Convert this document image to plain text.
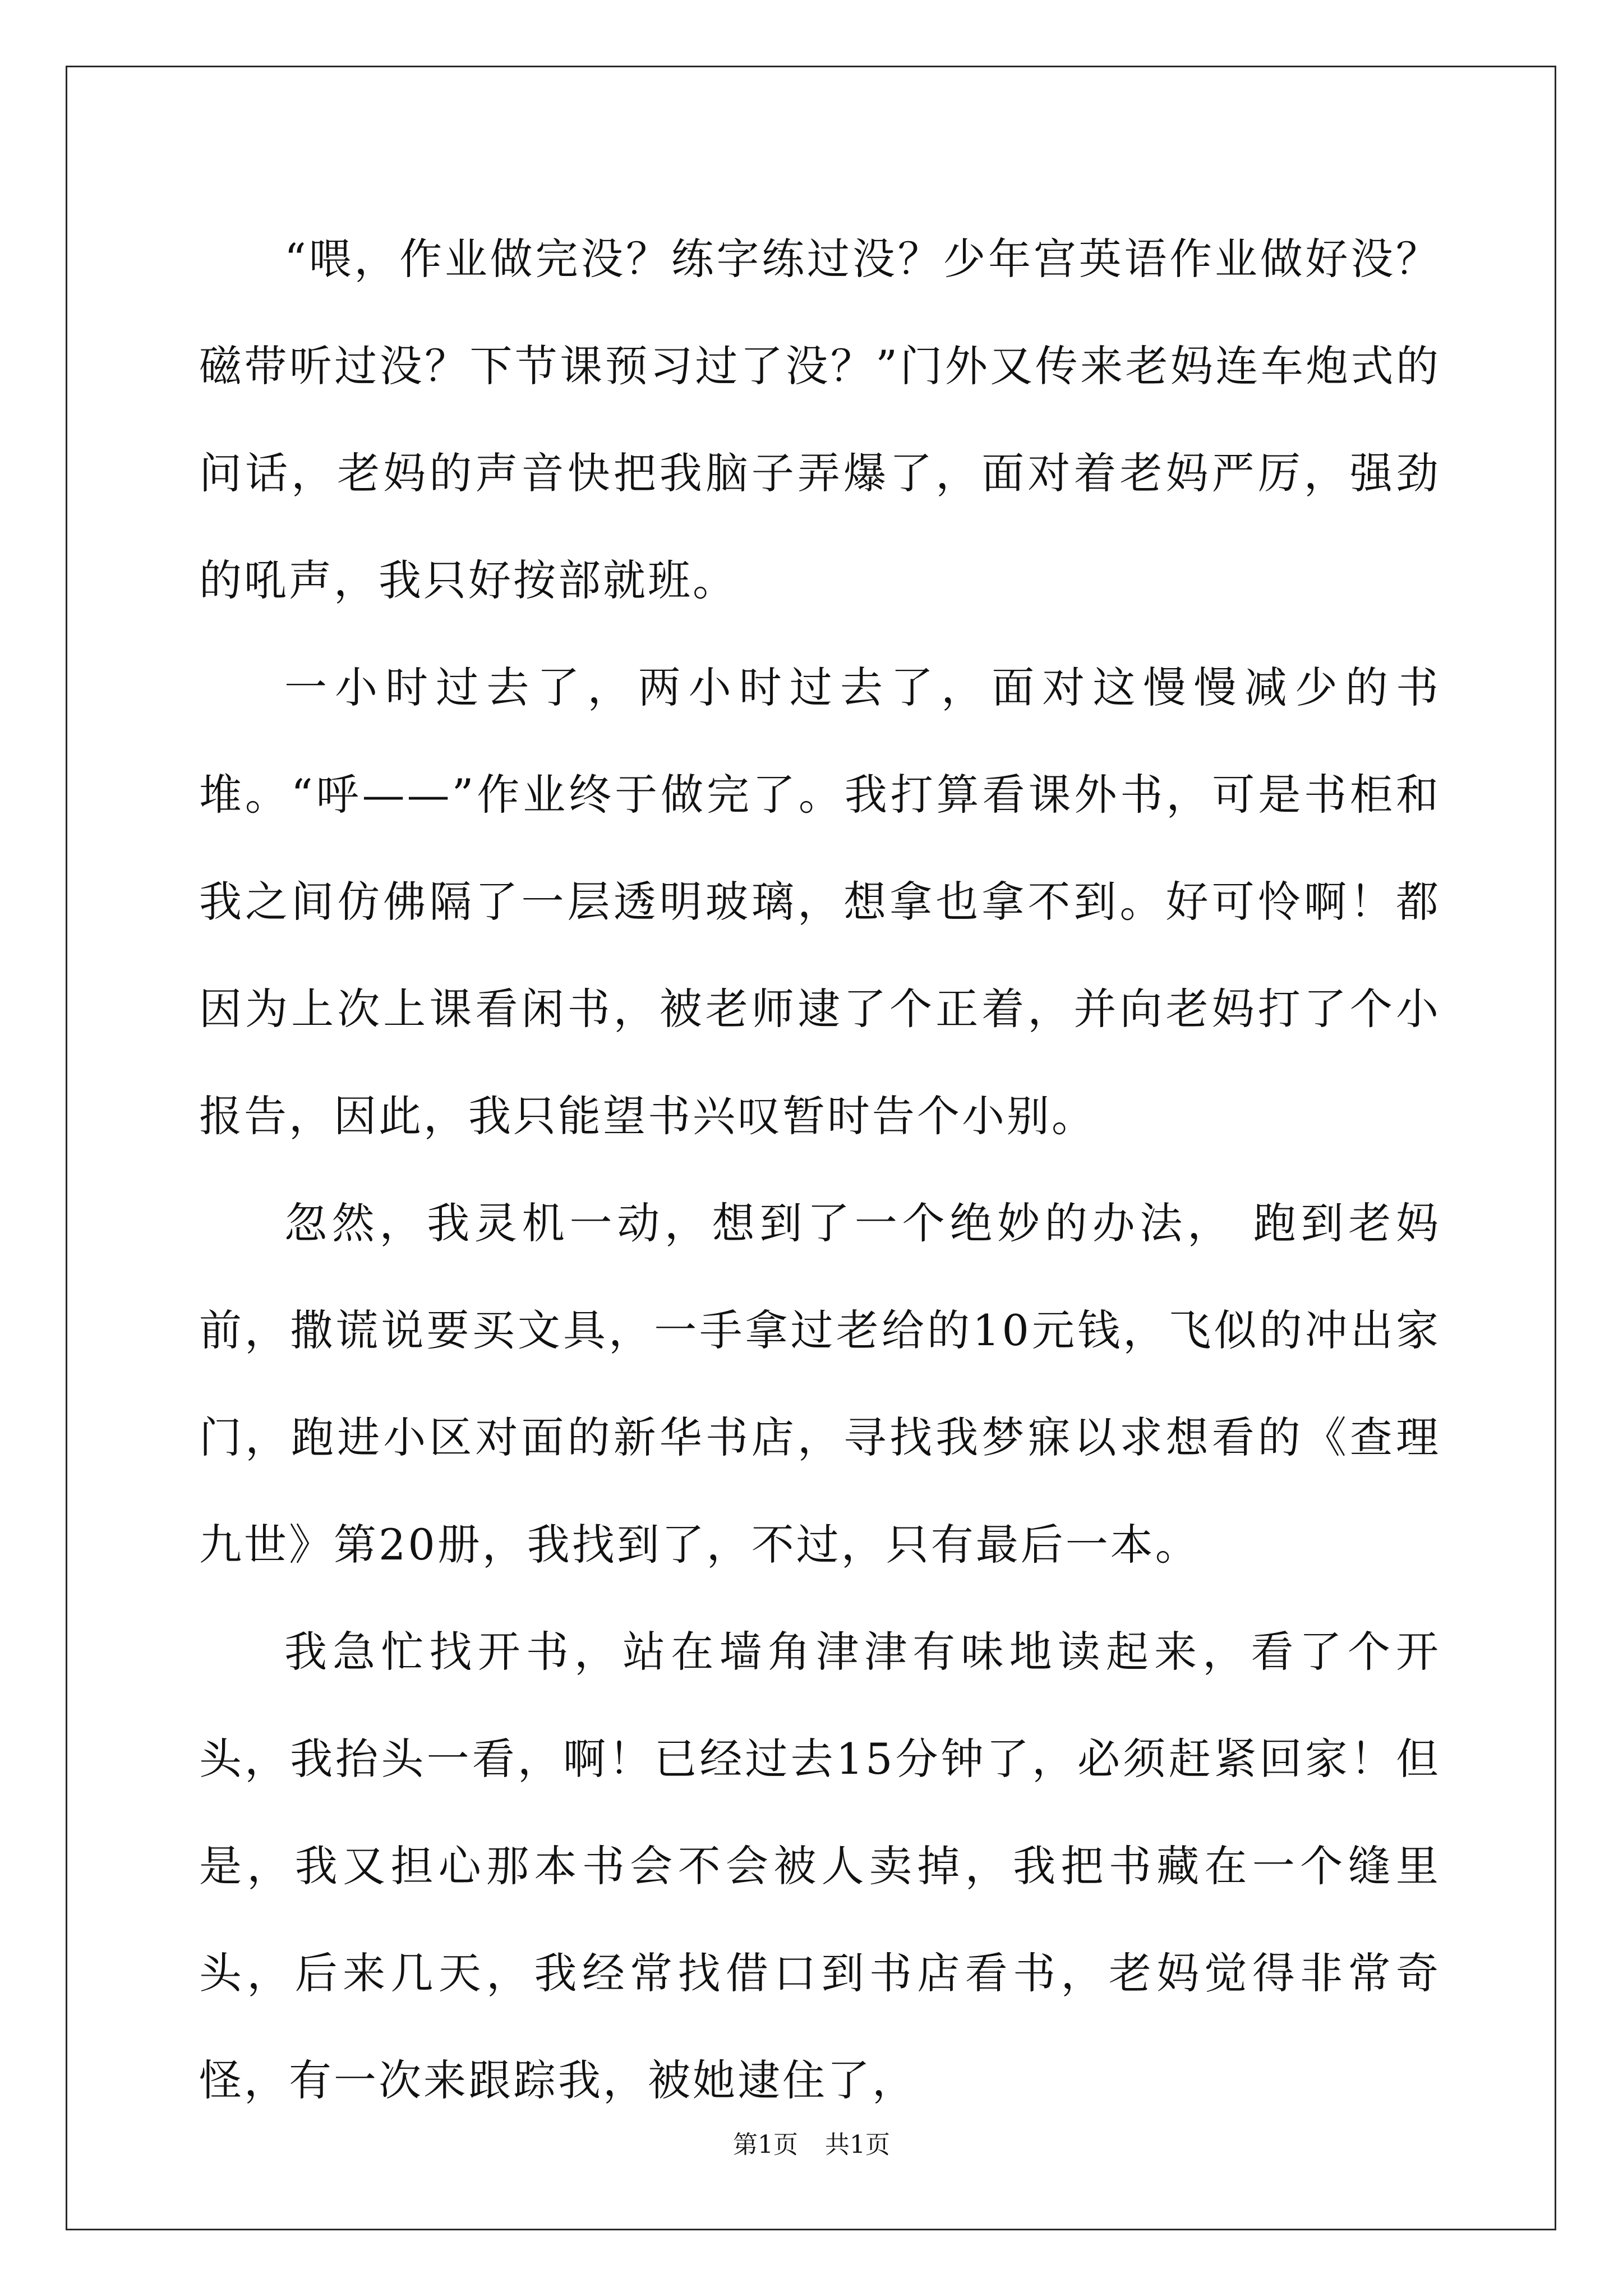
“喂，作业做完没？练字练过没？少年宫英语作业做好没？磁带听过没？下节课预习过了没？”门外又传来老妈连车炮式的问话，老妈的声音快把我脑子弄爆了，面对着老妈严厉，强劲的吼声，我只好按部就班。

一小时过去了，两小时过去了，面对这慢慢减少的书堆。“呼——”作业终于做完了。我打算看课外书，可是书柜和我之间仿佛隔了一层透明玻璃，想拿也拿不到。好可怜啊！都因为上次上课看闲书，被老师逮了个正着，并向老妈打了个小报告，因此，我只能望书兴叹暂时告个小别。

忽然，我灵机一动，想到了一个绝妙的办法， 跑到老妈前，撒谎说要买文具，一手拿过老给的10元钱，飞似的冲出家门，跑进小区对面的新华书店，寻找我梦寐以求想看的《查理九世》第20册，我找到了，不过，只有最后一本。

我急忙找开书，站在墙角津津有味地读起来，看了个开头，我抬头一看，啊！已经过去15分钟了，必须赶紧回家！但是，我又担心那本书会不会被人卖掉，我把书藏在一个缝里头，后来几天，我经常找借口到书店看书，老妈觉得非常奇怪，有一次来跟踪我，被她逮住了，

第1页 共1页
